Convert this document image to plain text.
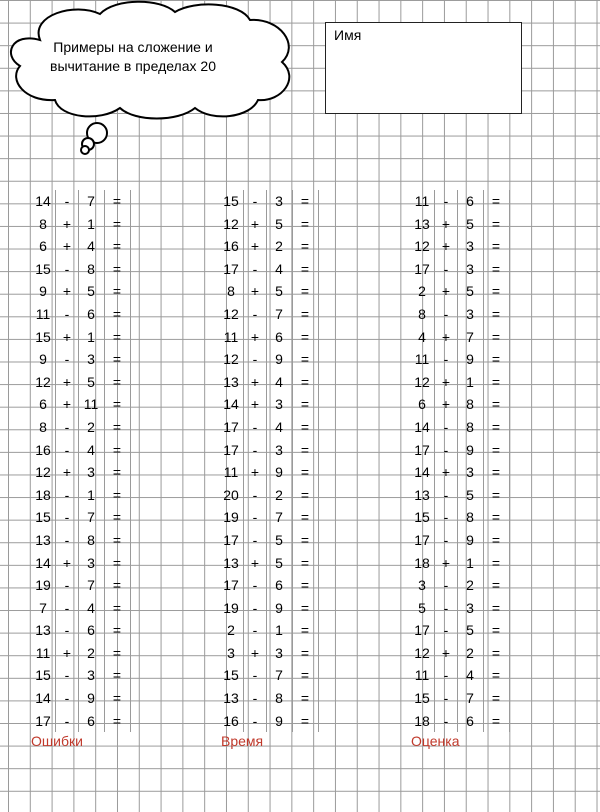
Примеры на сложение и вычитание в пределах 20
Имя
14 -	7	=
8	+	1	=
6	+	4	=
15 -	8	=
9	+	5	=
11	-	6	=
15 +	1	=
9	-	3	=
12 +	5	=
6	+ 11	=
8	-	2	=
16 -	4	=
12 +	3	=
18 -	1	=
15 -	7	=
13 -	8	=
14 +	3	=
19 -	7	=
7	-	4	=
13 -	6	=
11 +	2	=
15 -	3	=
14 -	9	=
17 -	6	=
15 -	3	=
12 +	5	=
16 +	2	=
17 -	4	=
8	+	5	=
12 -	7	=
11 +	6	=
12 -	9	=
13 +	4	=
14 +	3	=
17 -	4	=
17 -	3	=
11 +	9	=
20 -	2	=
19 -	7	=
17 -	5	=
13 +	5	=
17 -	6	=
19 -	9	=
2	-	1	=
3	+	3	=
15 -	7	=
13 -	8	=
16 -	9	=
11	-	6	=
13 +	5	=
12 +	3	=
17 -	3	=
2	+	5	=
8	-	3	=
4	+	7	=
11	-	9	=
12 +	1	=
6	+	8	=
14 -	8	=
17 -	9	=
14 +	3	=
13 -	5	=
15 -	8	=
17 -	9	=
18 +	1	=
3	-	2	=
5	-	3	=
17 -	5	=
12 +	2	=
11	-	4	=
15 -	7	=
18 -	6	=
Ошибки	Время	Оценка
